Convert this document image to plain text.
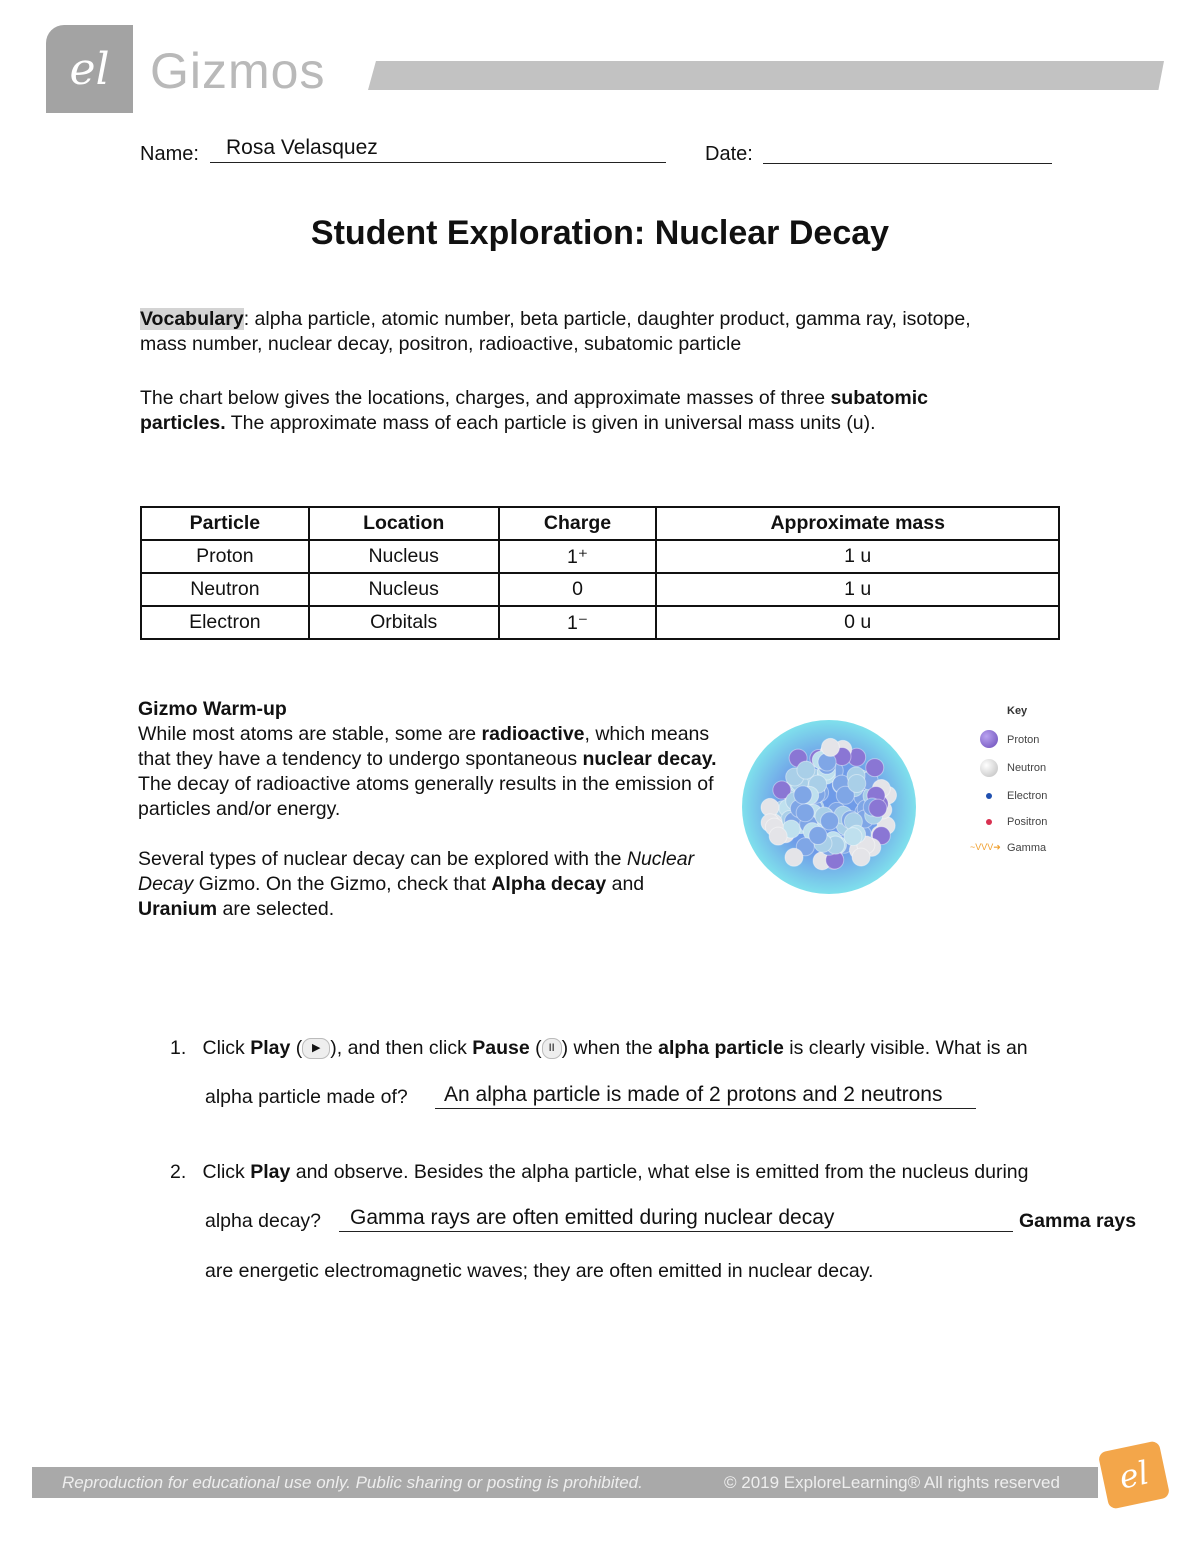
el Gizmos
Name:	Rosa Velasquez	Date:
Student Exploration: Nuclear Decay
Vocabulary: alpha particle, atomic number, beta particle, daughter product, gamma ray, isotope, mass number, nuclear decay, positron, radioactive, subatomic particle
The chart below gives the locations, charges, and approximate masses of three subatomic particles. The approximate mass of each particle is given in universal mass units (u).
Particle	Location	Charge	Approximate mass
Proton	Nucleus	1⁺	1 u
Neutron	Nucleus	0	1 u
Electron	Orbitals	1⁻	0 u
Gizmo Warm-up
While most atoms are stable, some are radioactive, which means that they have a tendency to undergo spontaneous nuclear decay. The decay of radioactive atoms generally results in the emission of particles and/or energy.
Several types of nuclear decay can be explored with the Nuclear Decay Gizmo. On the Gizmo, check that Alpha decay and Uranium are selected.
Key
Proton
Neutron
Electron
Positron
~VVV➜ Gamma
1. Click Play ( ▶ ), and then click Pause ( II ) when the alpha particle is clearly visible. What is an
alpha particle made of?	An alpha particle is made of 2 protons and 2 neutrons
2. Click Play and observe. Besides the alpha particle, what else is emitted from the nucleus during
alpha decay?	Gamma rays are often emitted during nuclear decay	Gamma rays
are energetic electromagnetic waves; they are often emitted in nuclear decay.
Reproduction for educational use only. Public sharing or posting is prohibited.	© 2019 ExploreLearning® All rights reserved	el
